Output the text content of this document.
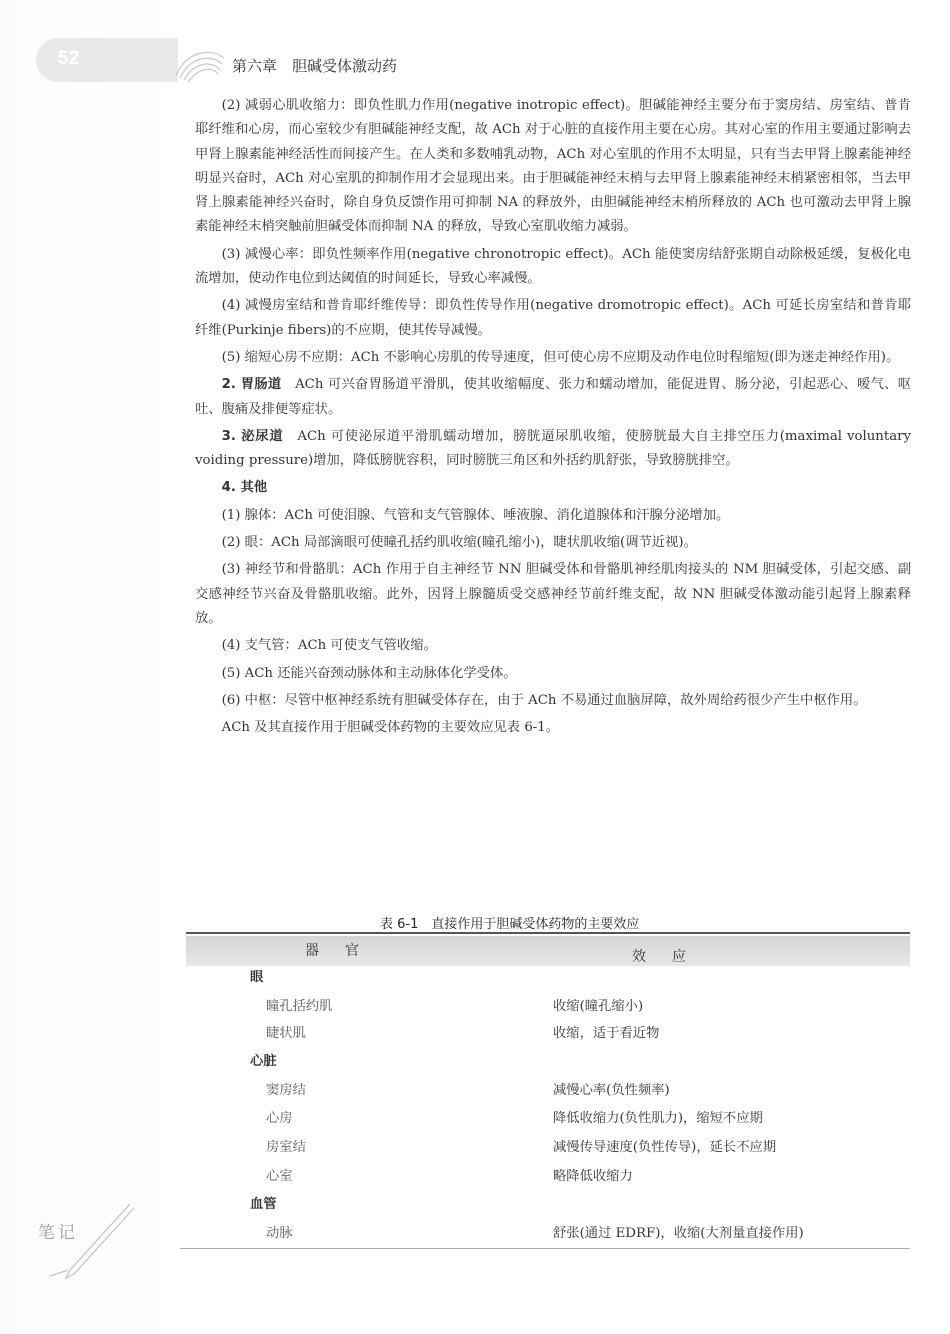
52	第六章　胆碱受体激动药

(2) 减弱心肌收缩力：即负性肌力作用(negative inotropic effect)。胆碱能神经主要分布于窦房结、房室结、普肯耶纤维和心房，而心室较少有胆碱能神经支配，故 ACh 对于心脏的直接作用主要在心房。其对心室的作用主要通过影响去甲肾上腺素能神经活性而间接产生。在人类和多数哺乳动物，ACh 对心室肌的作用不太明显，只有当去甲肾上腺素能神经明显兴奋时，ACh 对心室肌的抑制作用才会显现出来。由于胆碱能神经末梢与去甲肾上腺素能神经末梢紧密相邻，当去甲肾上腺素能神经兴奋时，除自身负反馈作用可抑制 NA 的释放外，由胆碱能神经末梢所释放的 ACh 也可激动去甲肾上腺素能神经末梢突触前胆碱受体而抑制 NA 的释放，导致心室肌收缩力减弱。

(3) 减慢心率：即负性频率作用(negative chronotropic effect)。ACh 能使窦房结舒张期自动除极延缓，复极化电流增加，使动作电位到达阈值的时间延长，导致心率减慢。

(4) 减慢房室结和普肯耶纤维传导：即负性传导作用(negative dromotropic effect)。ACh 可延长房室结和普肯耶纤维(Purkinje fibers)的不应期，使其传导减慢。

(5) 缩短心房不应期：ACh 不影响心房肌的传导速度，但可使心房不应期及动作电位时程缩短(即为迷走神经作用)。

2. 胃肠道　 ACh 可兴奋胃肠道平滑肌，使其收缩幅度、张力和蠕动增加，能促进胃、肠分泌，引起恶心、嗳气、呕吐、腹痛及排便等症状。

3. 泌尿道　 ACh 可使泌尿道平滑肌蠕动增加，膀胱逼尿肌收缩，使膀胱最大自主排空压力(maximal voluntary voiding pressure)增加，降低膀胱容积，同时膀胱三角区和外括约肌舒张，导致膀胱排空。

4. 其他　

(1) 腺体：ACh 可使泪腺、气管和支气管腺体、唾液腺、消化道腺体和汗腺分泌增加。

(2) 眼：ACh 局部滴眼可使瞳孔括约肌收缩(瞳孔缩小)，睫状肌收缩(调节近视)。

(3) 神经节和骨骼肌：ACh 作用于自主神经节 NN 胆碱受体和骨骼肌神经肌肉接头的 NM 胆碱受体，引起交感、副交感神经节兴奋及骨骼肌收缩。此外，因肾上腺髓质受交感神经节前纤维支配，故 NN 胆碱受体激动能引起肾上腺素释放。

(4) 支气管：ACh 可使支气管收缩。

(5) ACh 还能兴奋颈动脉体和主动脉体化学受体。

(6) 中枢：尽管中枢神经系统有胆碱受体存在，由于 ACh 不易通过血脑屏障，故外周给药很少产生中枢作用。

ACh 及其直接作用于胆碱受体药物的主要效应见表 6-1。

表 6-1　直接作用于胆碱受体药物的主要效应
器官	效应
眼
瞳孔括约肌	收缩(瞳孔缩小)
睫状肌	收缩，适于看近物
心脏
窦房结	减慢心率(负性频率)
心房	降低收缩力(负性肌力)，缩短不应期
房室结	减慢传导速度(负性传导)，延长不应期
心室	略降低收缩力
血管
动脉	舒张(通过 EDRF)，收缩(大剂量直接作用)
笔记
